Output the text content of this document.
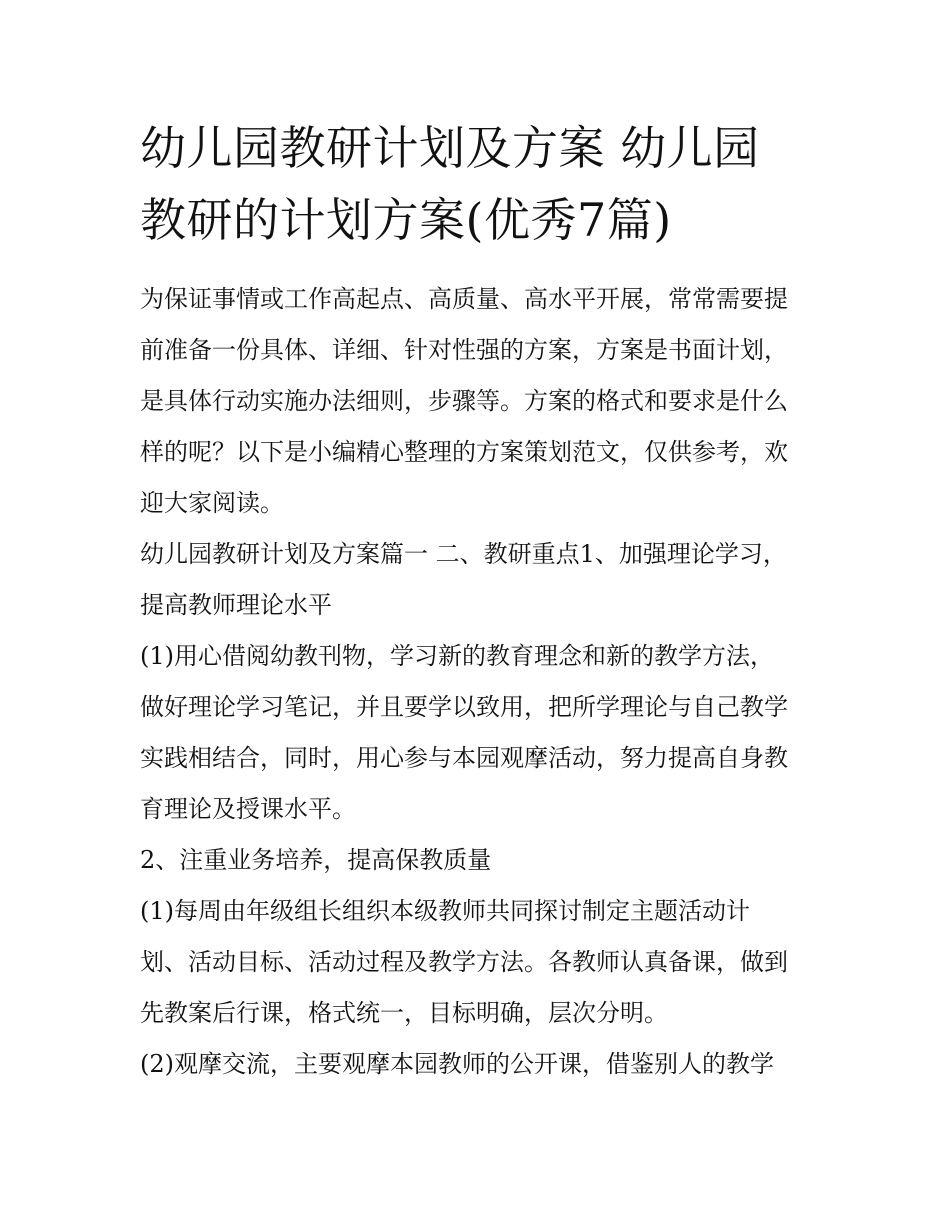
幼儿园教研计划及方案 幼儿园
教研的计划方案(优秀7篇)

为保证事情或工作高起点、高质量、高水平开展，常常需要提
前准备一份具体、详细、针对性强的方案，方案是书面计划，
是具体行动实施办法细则，步骤等。方案的格式和要求是什么
样的呢？以下是小编精心整理的方案策划范文，仅供参考，欢
迎大家阅读。

幼儿园教研计划及方案篇一 二、教研重点1、加强理论学习，
提高教师理论水平

(1)用心借阅幼教刊物，学习新的教育理念和新的教学方法，
做好理论学习笔记，并且要学以致用，把所学理论与自己教学
实践相结合，同时，用心参与本园观摩活动，努力提高自身教
育理论及授课水平。

2、注重业务培养，提高保教质量

(1)每周由年级组长组织本级教师共同探讨制定主题活动计
划、活动目标、活动过程及教学方法。各教师认真备课，做到
先教案后行课，格式统一，目标明确，层次分明。

(2)观摩交流，主要观摩本园教师的公开课，借鉴别人的教学
